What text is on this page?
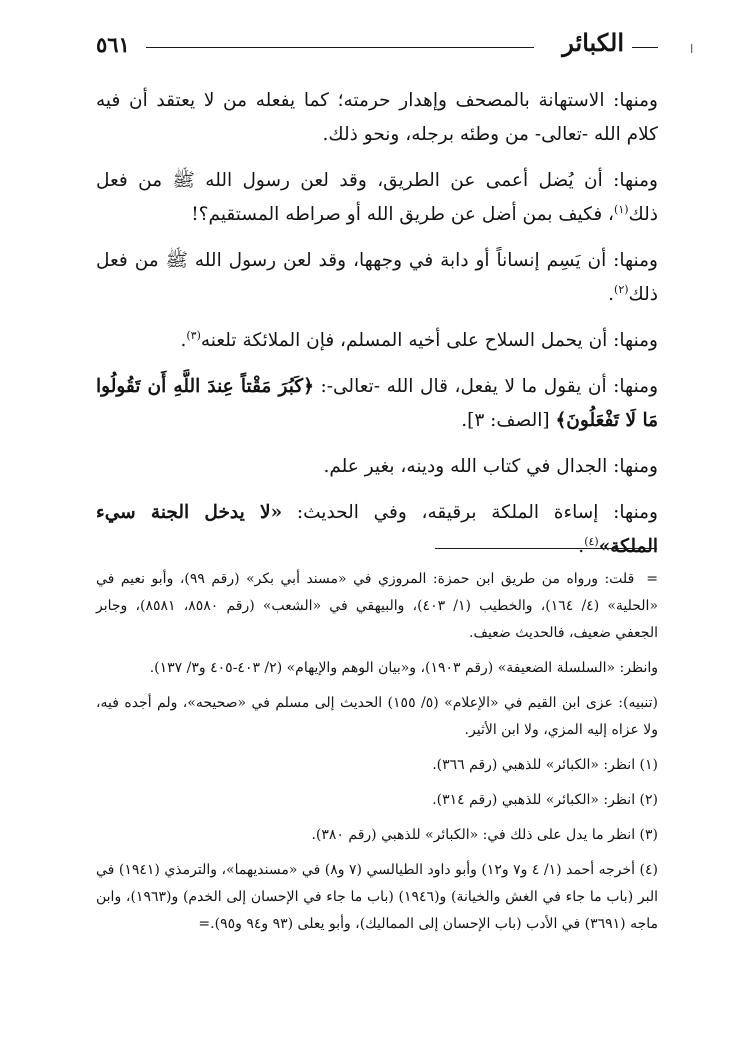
٥٦١	الكبائر	ا

ومنها: الاستهانة بالمصحف وإهدار حرمته؛ كما يفعله من لا يعتقد أن فيه كلام الله -تعالى- من وطئه برجله، ونحو ذلك.

ومنها: أن يُضل أعمى عن الطريق، وقد لعن رسول الله ﷺ من فعل ذلك$^{(١)}$، فكيف بمن أضل عن طريق الله أو صراطه المستقيم؟!

ومنها: أن يَسِم إنساناً أو دابة في وجهها، وقد لعن رسول الله ﷺ من فعل ذلك$^{(٢)}$.

ومنها: أن يحمل السلاح على أخيه المسلم، فإن الملائكة تلعنه$^{(٣)}$.

ومنها: أن يقول ما لا يفعل، قال الله -تعالى-: ﴿كَبُرَ مَقْتاً عِندَ اللَّهِ أَن تَقُولُوا مَا لَا تَفْعَلُونَ﴾ [الصف: ٣].

ومنها: الجدال في كتاب الله ودينه، بغير علم.

ومنها: إساءة الملكة برقيقه، وفي الحديث: «لا يدخل الجنة سيء الملكة»$^{(٤)}$.

=قلت: ورواه من طريق ابن حمزة: المروزي في «مسند أبي بكر» (رقم ٩٩)، وأبو نعيم في «الحلية» (٤/ ١٦٤)، والخطيب (١/ ٤٠٣)، والبيهقي في «الشعب» (رقم ٨٥٨٠، ٨٥٨١)، وجابر الجعفي ضعيف، فالحديث ضعيف.

وانظر: «السلسلة الضعيفة» (رقم ١٩٠٣)، و«بيان الوهم والإيهام» (٢/ ٤٠٣-٤٠٥ و٣/ ١٣٧).

(تنبيه): عزى ابن القيم في «الإعلام» (٥/ ١٥٥) الحديث إلى مسلم في «صحيحه»، ولم أجده فيه، ولا عزاه إليه المزي، ولا ابن الأثير.

(١) انظر: «الكبائر» للذهبي (رقم ٣٦٦).

(٢) انظر: «الكبائر» للذهبي (رقم ٣١٤).

(٣) انظر ما يدل على ذلك في: «الكبائر» للذهبي (رقم ٣٨٠).

(٤) أخرجه أحمد (١/ ٤ و٧ و١٢) وأبو داود الطيالسي (٧ و٨) في «مسنديهما»، والترمذي (١٩٤١) في البر (باب ما جاء في الغش والخيانة) و(١٩٤٦) (باب ما جاء في الإحسان إلى الخدم) و(١٩٦٣)، وابن ماجه (٣٦٩١) في الأدب (باب الإحسان إلى المماليك)، وأبو يعلى (٩٣ و٩٤ و٩٥).=
